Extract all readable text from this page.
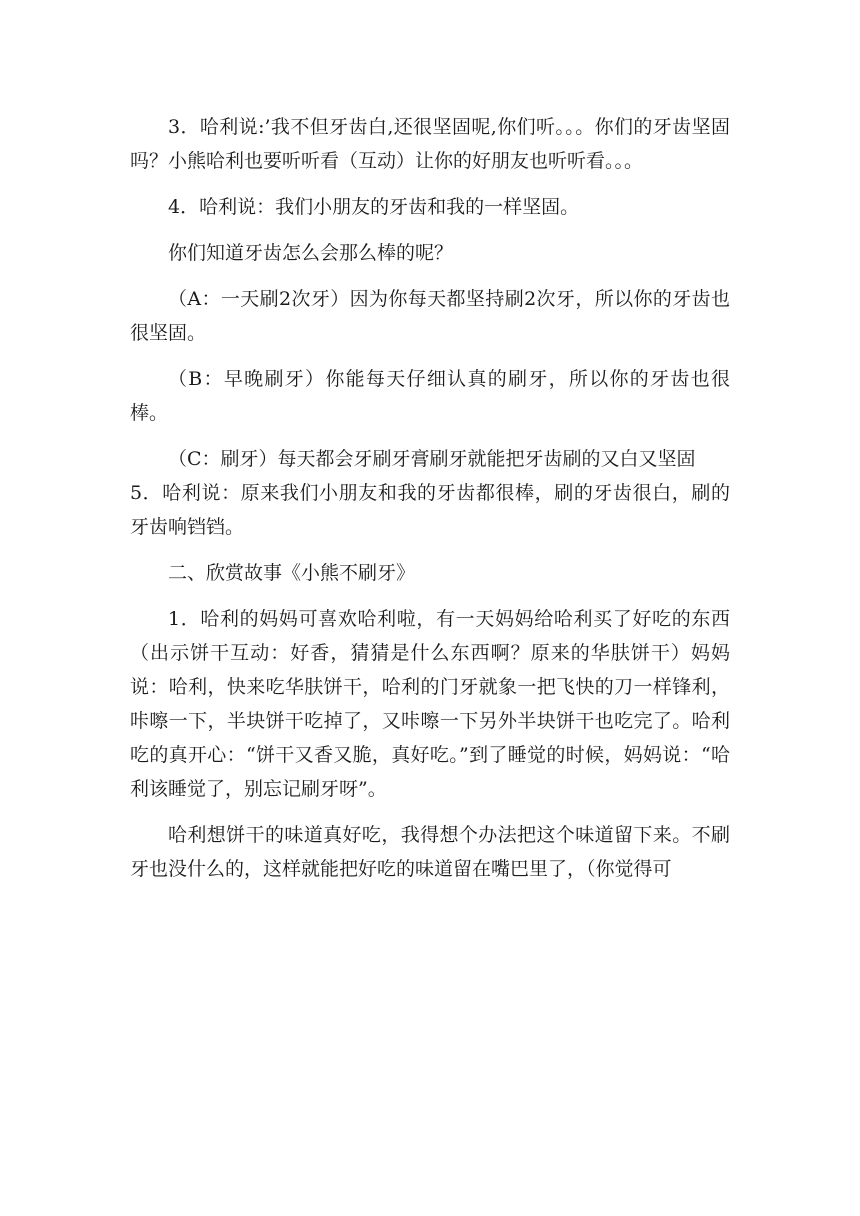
3．哈利说:’我不但牙齿白,还很坚固呢,你们听。。。你们的牙齿坚固吗？小熊哈利也要听听看（互动）让你的好朋友也听听看。。。

4．哈利说：我们小朋友的牙齿和我的一样坚固。

你们知道牙齿怎么会那么棒的呢？

（A：一天刷2次牙）因为你每天都坚持刷2次牙，所以你的牙齿也很坚固。

（B：早晚刷牙）你能每天仔细认真的刷牙，所以你的牙齿也很棒。

（C：刷牙）每天都会牙刷牙膏刷牙就能把牙齿刷的又白又坚固

5．哈利说：原来我们小朋友和我的牙齿都很棒，刷的牙齿很白，刷的牙齿响铛铛。

二、欣赏故事《小熊不刷牙》

1．哈利的妈妈可喜欢哈利啦，有一天妈妈给哈利买了好吃的东西（出示饼干互动：好香，猜猜是什么东西啊？原来的华肤饼干）妈妈说：哈利，快来吃华肤饼干，哈利的门牙就象一把飞快的刀一样锋利，咔嚓一下，半块饼干吃掉了，又咔嚓一下另外半块饼干也吃完了。哈利吃的真开心：“饼干又香又脆，真好吃。”到了睡觉的时候，妈妈说：“哈利该睡觉了，别忘记刷牙呀”。

哈利想饼干的味道真好吃，我得想个办法把这个味道留下来。不刷牙也没什么的，这样就能把好吃的味道留在嘴巴里了，（你觉得可
